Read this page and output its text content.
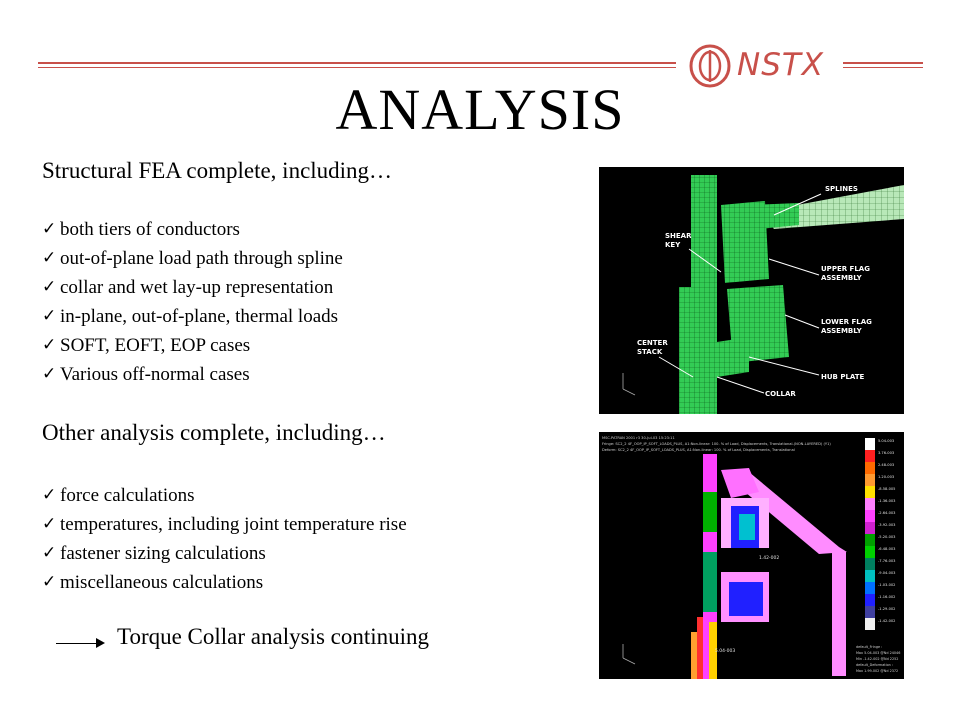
NSTX
ANALYSIS
Structural FEA complete, including…
✓ both tiers of conductors
✓ out-of-plane load path through spline
✓ collar and wet lay-up representation
✓ in-plane, out-of-plane, thermal loads
✓ SOFT, EOFT, EOP cases
✓ Various off-normal cases
Other analysis complete, including…
✓ force calculations
✓ temperatures, including joint temperature rise
✓ fastener sizing calculations
✓ miscellaneous calculations
Torque Collar analysis continuing
SPLINES
SHEAR
KEY
UPPER FLAG
ASSEMBLY
LOWER FLAG
ASSEMBLY
CENTER
STACK
HUB PLATE
COLLAR
MSC.PATRAN 2001 r3 30-Jul-03 15:23:11
Fringe: SC2_2 4F_OOP_IP_SOFT_LOADS_PLUS, A1:Non-linear: 100. % of Load, Displacements, Translational-(NON-LAYERED) (Y1)
Deform: SC2_2 4F_OOP_IP_SOFT_LOADS_PLUS, A1:Non-linear: 100. % of Load, Displacements, Translational
1.42-002
5.04-003
5.04-003
3.76-003
2.48-003
1.20-003
-8.58-005
-1.36-003
-2.64-003
-3.92-003
-5.20-003
-6.48-003
-7.76-003
-9.04-003
-1.03-002
-1.16-002
-1.29-002
-1.42-002
default_Fringe :
Max 5.04-003 @Nd 24046
Min -1.42-002 @Nd 2252
default_Deformation :
Max 1.99-002 @Nd 2372
